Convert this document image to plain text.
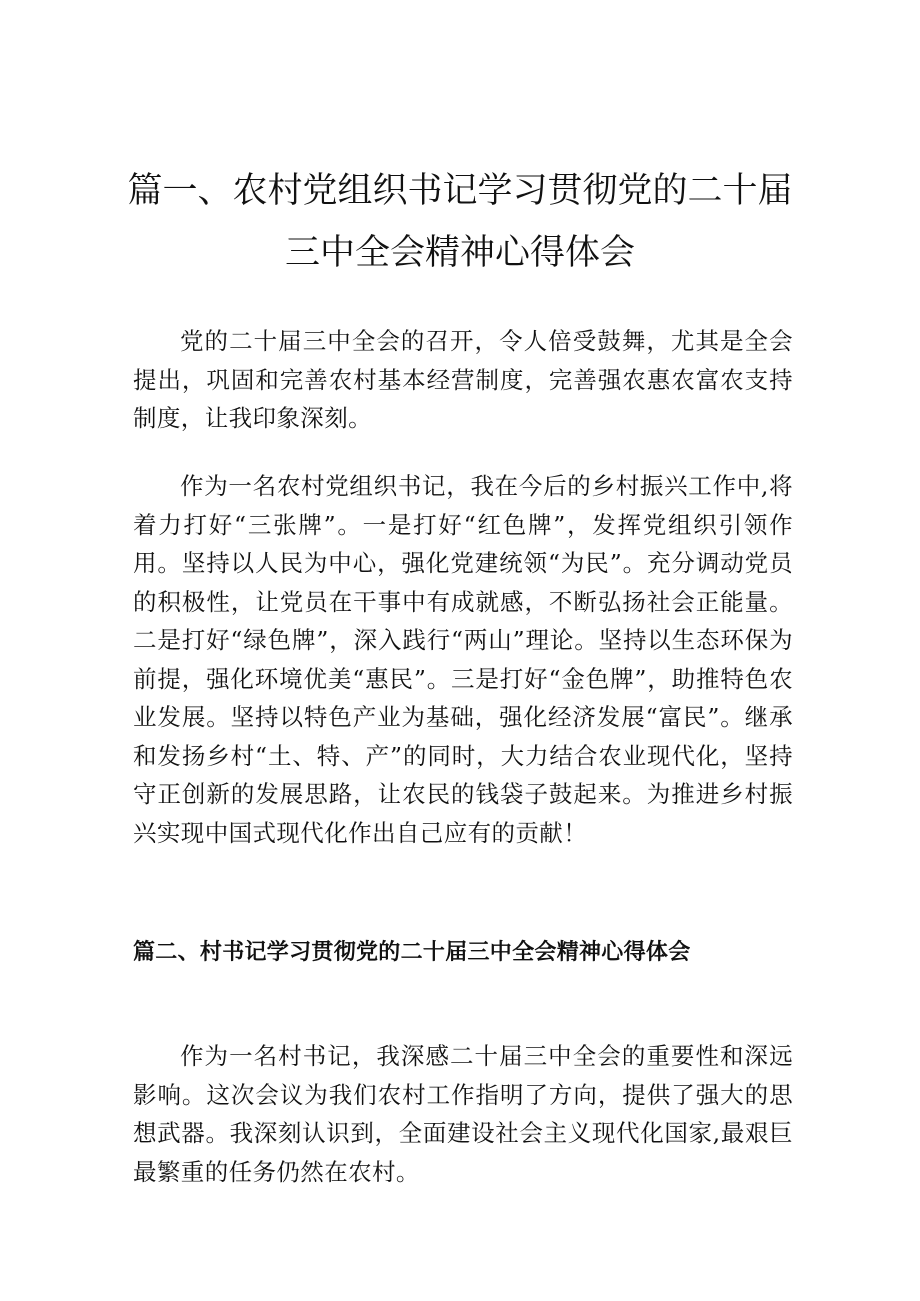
篇一、农村党组织书记学习贯彻党的二十届
三中全会精神心得体会

党的二十届三中全会的召开，令人倍受鼓舞，尤其是全会提出，巩固和完善农村基本经营制度，完善强农惠农富农支持制度，让我印象深刻。

作为一名农村党组织书记，我在今后的乡村振兴工作中,将着力打好“三张牌”。一是打好“红色牌”，发挥党组织引领作用。坚持以人民为中心，强化党建统领“为民”。充分调动党员的积极性，让党员在干事中有成就感，不断弘扬社会正能量。二是打好“绿色牌”，深入践行“两山”理论。坚持以生态环保为前提，强化环境优美“惠民”。三是打好“金色牌”，助推特色农业发展。坚持以特色产业为基础，强化经济发展“富民”。继承和发扬乡村“土、特、产”的同时，大力结合农业现代化，坚持守正创新的发展思路，让农民的钱袋子鼓起来。为推进乡村振兴实现中国式现代化作出自己应有的贡献！

篇二、村书记学习贯彻党的二十届三中全会精神心得体会

作为一名村书记，我深感二十届三中全会的重要性和深远影响。这次会议为我们农村工作指明了方向，提供了强大的思想武器。我深刻认识到，全面建设社会主义现代化国家,最艰巨最繁重的任务仍然在农村。
